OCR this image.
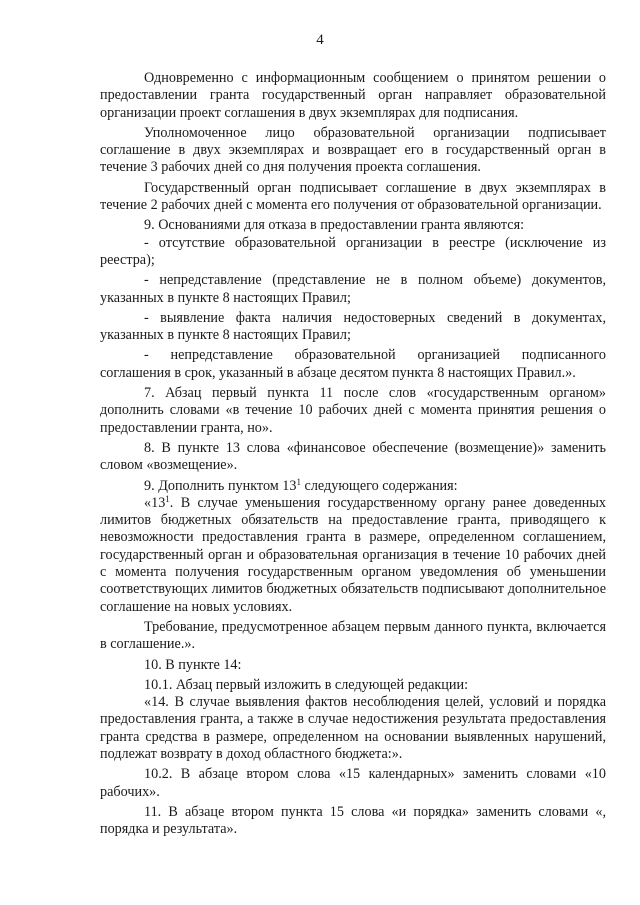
4

Одновременно с информационным сообщением о принятом решении о предоставлении гранта государственный орган направляет образовательной организации проект соглашения в двух экземплярах для подписания.

Уполномоченное лицо образовательной организации подписывает соглашение в двух экземплярах и возвращает его в государственный орган в течение 3 рабочих дней со дня получения проекта соглашения.

Государственный орган подписывает соглашение в двух экземплярах в течение 2 рабочих дней с момента его получения от образовательной организации.

9. Основаниями для отказа в предоставлении гранта являются:

- отсутствие образовательной организации в реестре (исключение из реестра);

- непредставление (представление не в полном объеме) документов, указанных в пункте 8 настоящих Правил;

- выявление факта наличия недостоверных сведений в документах, указанных в пункте 8 настоящих Правил;

- непредставление образовательной организацией подписанного соглашения в срок, указанный в абзаце десятом пункта 8 настоящих Правил.».

7. Абзац первый пункта 11 после слов «государственным органом» дополнить словами «в течение 10 рабочих дней с момента принятия решения о предоставлении гранта, но».

8. В пункте 13 слова «финансовое обеспечение (возмещение)» заменить словом «возмещение».

9. Дополнить пунктом $13^1$ следующего содержания:

«$13^1$. В случае уменьшения государственному органу ранее доведенных лимитов бюджетных обязательств на предоставление гранта, приводящего к невозможности предоставления гранта в размере, определенном соглашением, государственный орган и образовательная организация в течение 10 рабочих дней с момента получения государственным органом уведомления об уменьшении соответствующих лимитов бюджетных обязательств подписывают дополнительное соглашение на новых условиях.

Требование, предусмотренное абзацем первым данного пункта, включается в соглашение.».

10. В пункте 14:

10.1. Абзац первый изложить в следующей редакции:

«14. В случае выявления фактов несоблюдения целей, условий и порядка предоставления гранта, а также в случае недостижения результата предоставления гранта средства в размере, определенном на основании выявленных нарушений, подлежат возврату в доход областного бюджета:».

10.2. В абзаце втором слова «15 календарных» заменить словами «10 рабочих».

11. В абзаце втором пункта 15 слова «и порядка» заменить словами «, порядка и результата».
